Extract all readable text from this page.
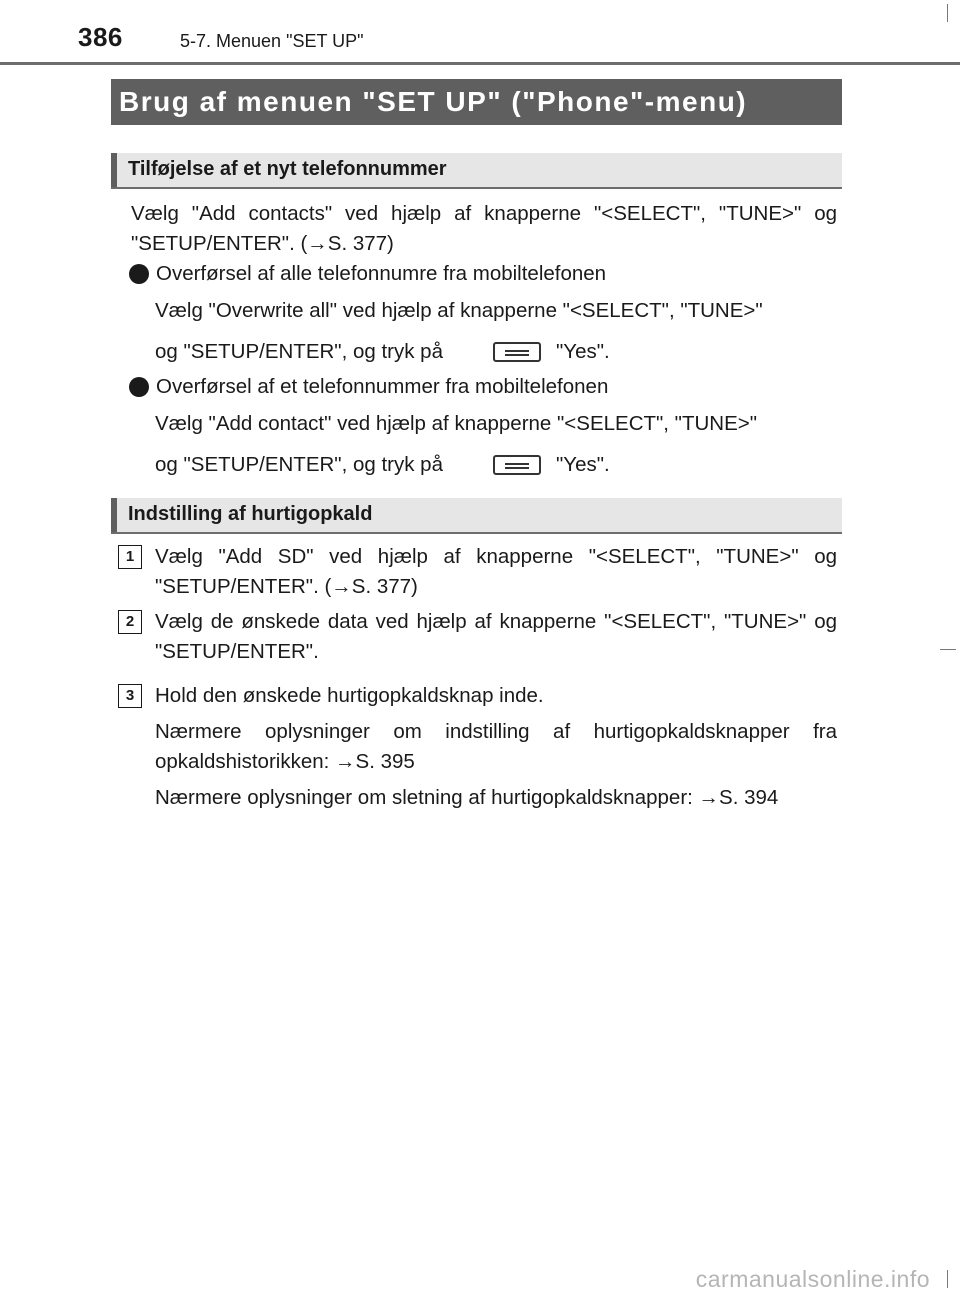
386	5-7. Menuen "SET UP"
Brug af menuen "SET UP" ("Phone"-menu)
Tilføjelse af et nyt telefonnummer
Vælg "Add contacts" ved hjælp af knapperne "<SELECT", "TUNE>" og "SETUP/ENTER". (→S. 377)
Overførsel af alle telefonnumre fra mobiltelefonen
Vælg "Overwrite all" ved hjælp af knapperne "<SELECT", "TUNE>"
og "SETUP/ENTER", og tryk på	"Yes".
Overførsel af et telefonnummer fra mobiltelefonen
Vælg "Add contact" ved hjælp af knapperne "<SELECT", "TUNE>"
og "SETUP/ENTER", og tryk på	"Yes".
Indstilling af hurtigopkald
1	Vælg "Add SD" ved hjælp af knapperne "<SELECT", "TUNE>" og "SETUP/ENTER". (→S. 377)
2	Vælg de ønskede data ved hjælp af knapperne "<SELECT", "TUNE>" og "SETUP/ENTER".
3	Hold den ønskede hurtigopkaldsknap inde.
Nærmere oplysninger om indstilling af hurtigopkaldsknapper fra opkaldshistorikken: →S. 395
Nærmere oplysninger om sletning af hurtigopkaldsknapper: →S. 394
carmanualsonline.info
